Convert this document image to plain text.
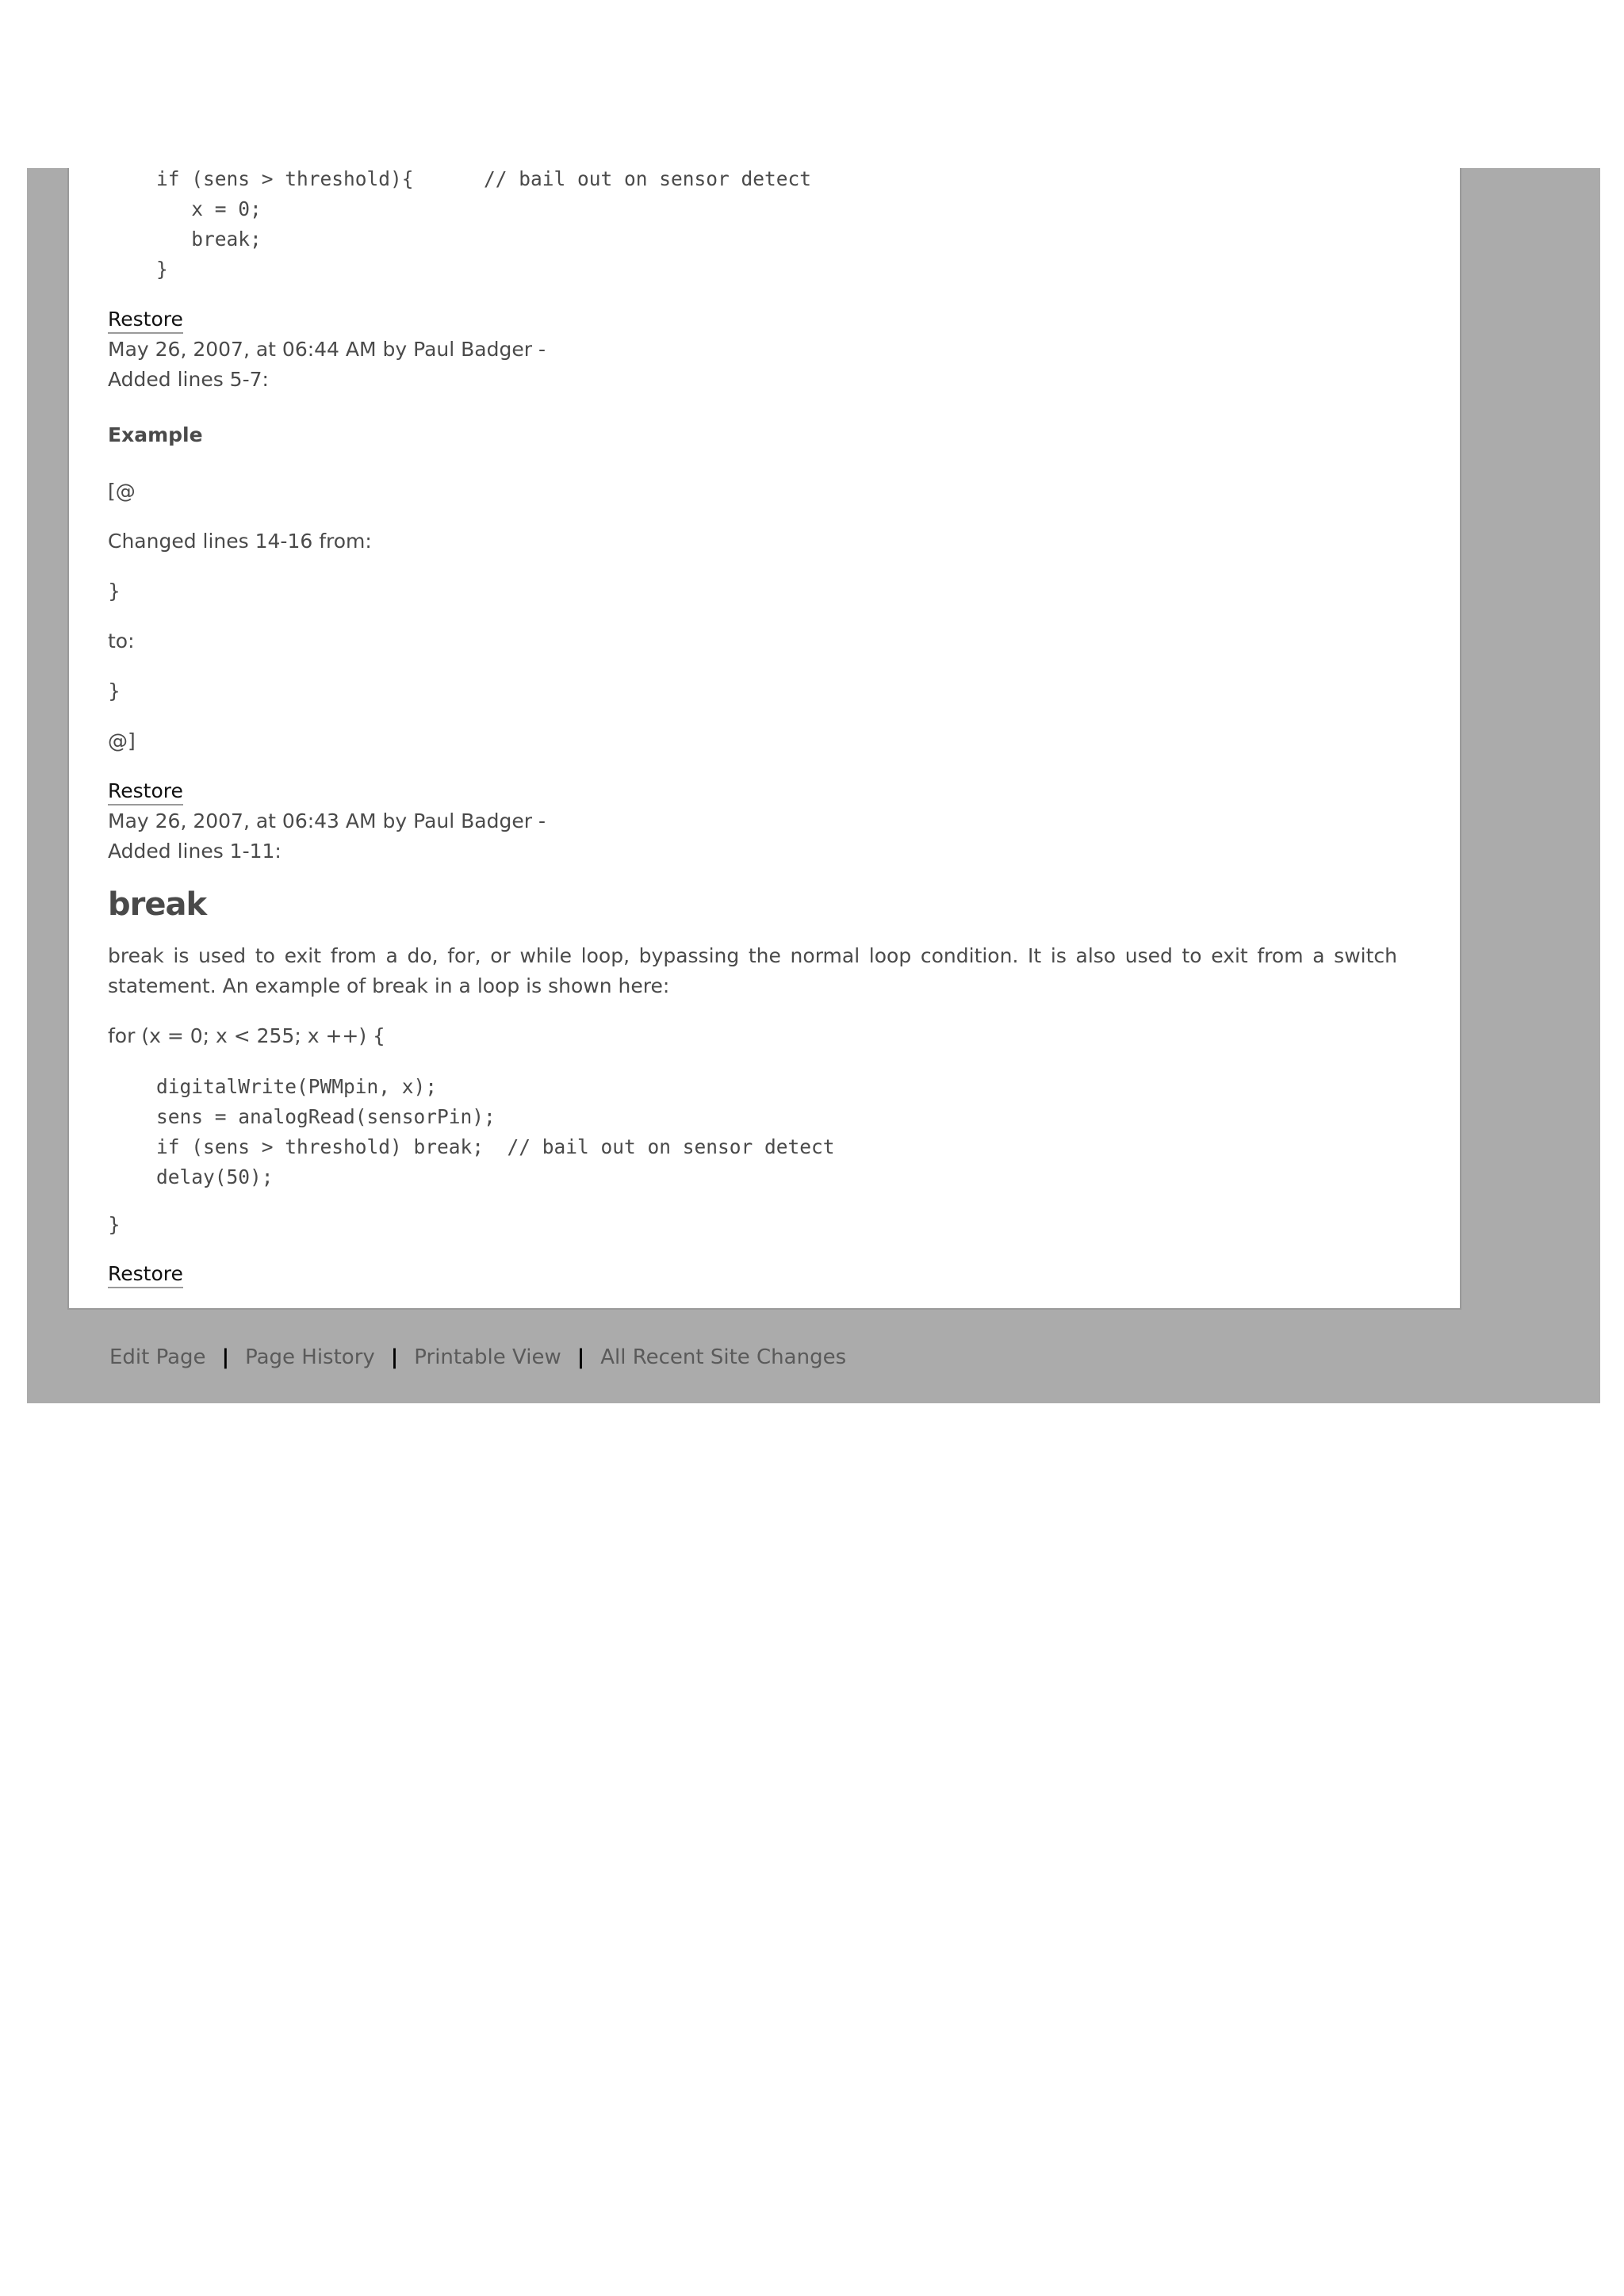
if (sens > threshold){      // bail out on sensor detect
x = 0;
break;
}
Restore
May 26, 2007, at 06:44 AM by Paul Badger -
Added lines 5-7:
Example
[@
Changed lines 14-16 from:
}
to:
}
@]
Restore
May 26, 2007, at 06:43 AM by Paul Badger -
Added lines 1-11:
break
break is used to exit from a do, for, or while loop, bypassing the normal loop condition. It is also used to exit from a switch statement. An example of break in a loop is shown here:
for (x = 0; x < 255; x ++) {
digitalWrite(PWMpin, x);
sens = analogRead(sensorPin);
if (sens > threshold) break;  // bail out on sensor detect
delay(50);
}
Restore
Edit Page | Page History | Printable View | All Recent Site Changes
